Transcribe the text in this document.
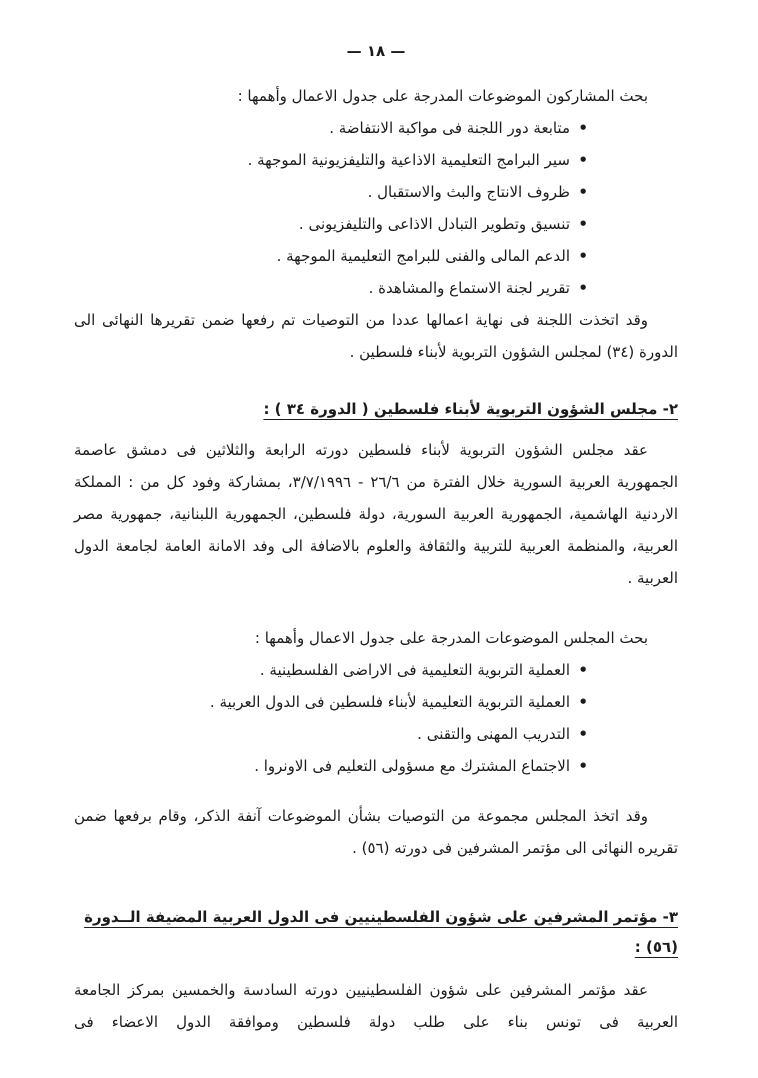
— ١٨ —

بحث المشاركون الموضوعات المدرجة على جدول الاعمال وأهمها :

• متابعة دور اللجنة فى مواكبة الانتفاضة .
• سير البرامج التعليمية الاذاعية والتليفزيونية الموجهة .
• ظروف الانتاج والبث والاستقبال .
• تنسيق وتطوير التبادل الاذاعى والتليفزيونى .
• الدعم المالى والفنى للبرامج التعليمية الموجهة .
• تقرير لجنة الاستماع والمشاهدة .

وقد اتخذت اللجنة فى نهاية اعمالها عددا من التوصيات تم رفعها ضمن تقريرها النهائى الى الدورة (٣٤) لمجلس الشؤون التربوية لأبناء فلسطين .

٢- مجلس الشؤون التربوية لأبناء فلسطين ( الدورة ٣٤ ) :

عقد مجلس الشؤون التربوية لأبناء فلسطين دورته الرابعة والثلاثين فى دمشق عاصمة الجمهورية العربية السورية خلال الفترة من ٢٦/٦ - ٣/٧/١٩٩٦، بمشاركة وفود كل من : المملكة الاردنية الهاشمية، الجمهورية العربية السورية، دولة فلسطين، الجمهورية اللبنانية، جمهورية مصر العربية، والمنظمة العربية للتربية والثقافة والعلوم بالاضافة الى وفد الامانة العامة لجامعة الدول العربية .

بحث المجلس الموضوعات المدرجة على جدول الاعمال وأهمها :

• العملية التربوية التعليمية فى الاراضى الفلسطينية .
• العملية التربوية التعليمية لأبناء فلسطين فى الدول العربية .
• التدريب المهنى والتقنى .
• الاجتماع المشترك مع مسؤولى التعليم فى الاونروا .

وقد اتخذ المجلس مجموعة من التوصيات بشأن الموضوعات آنفة الذكر، وقام برفعها ضمن تقريره النهائى الى مؤتمر المشرفين فى دورته (٥٦) .

٣- مؤتمر المشرفين على شؤون الفلسطينيين فى الدول العربية المضيفة الــدورة (٥٦) :

عقد مؤتمر المشرفين على شؤون الفلسطينيين دورته السادسة والخمسين بمركز الجامعة العربية فى تونس بناء على طلب دولة فلسطين وموافقة الدول الاعضاء فى
